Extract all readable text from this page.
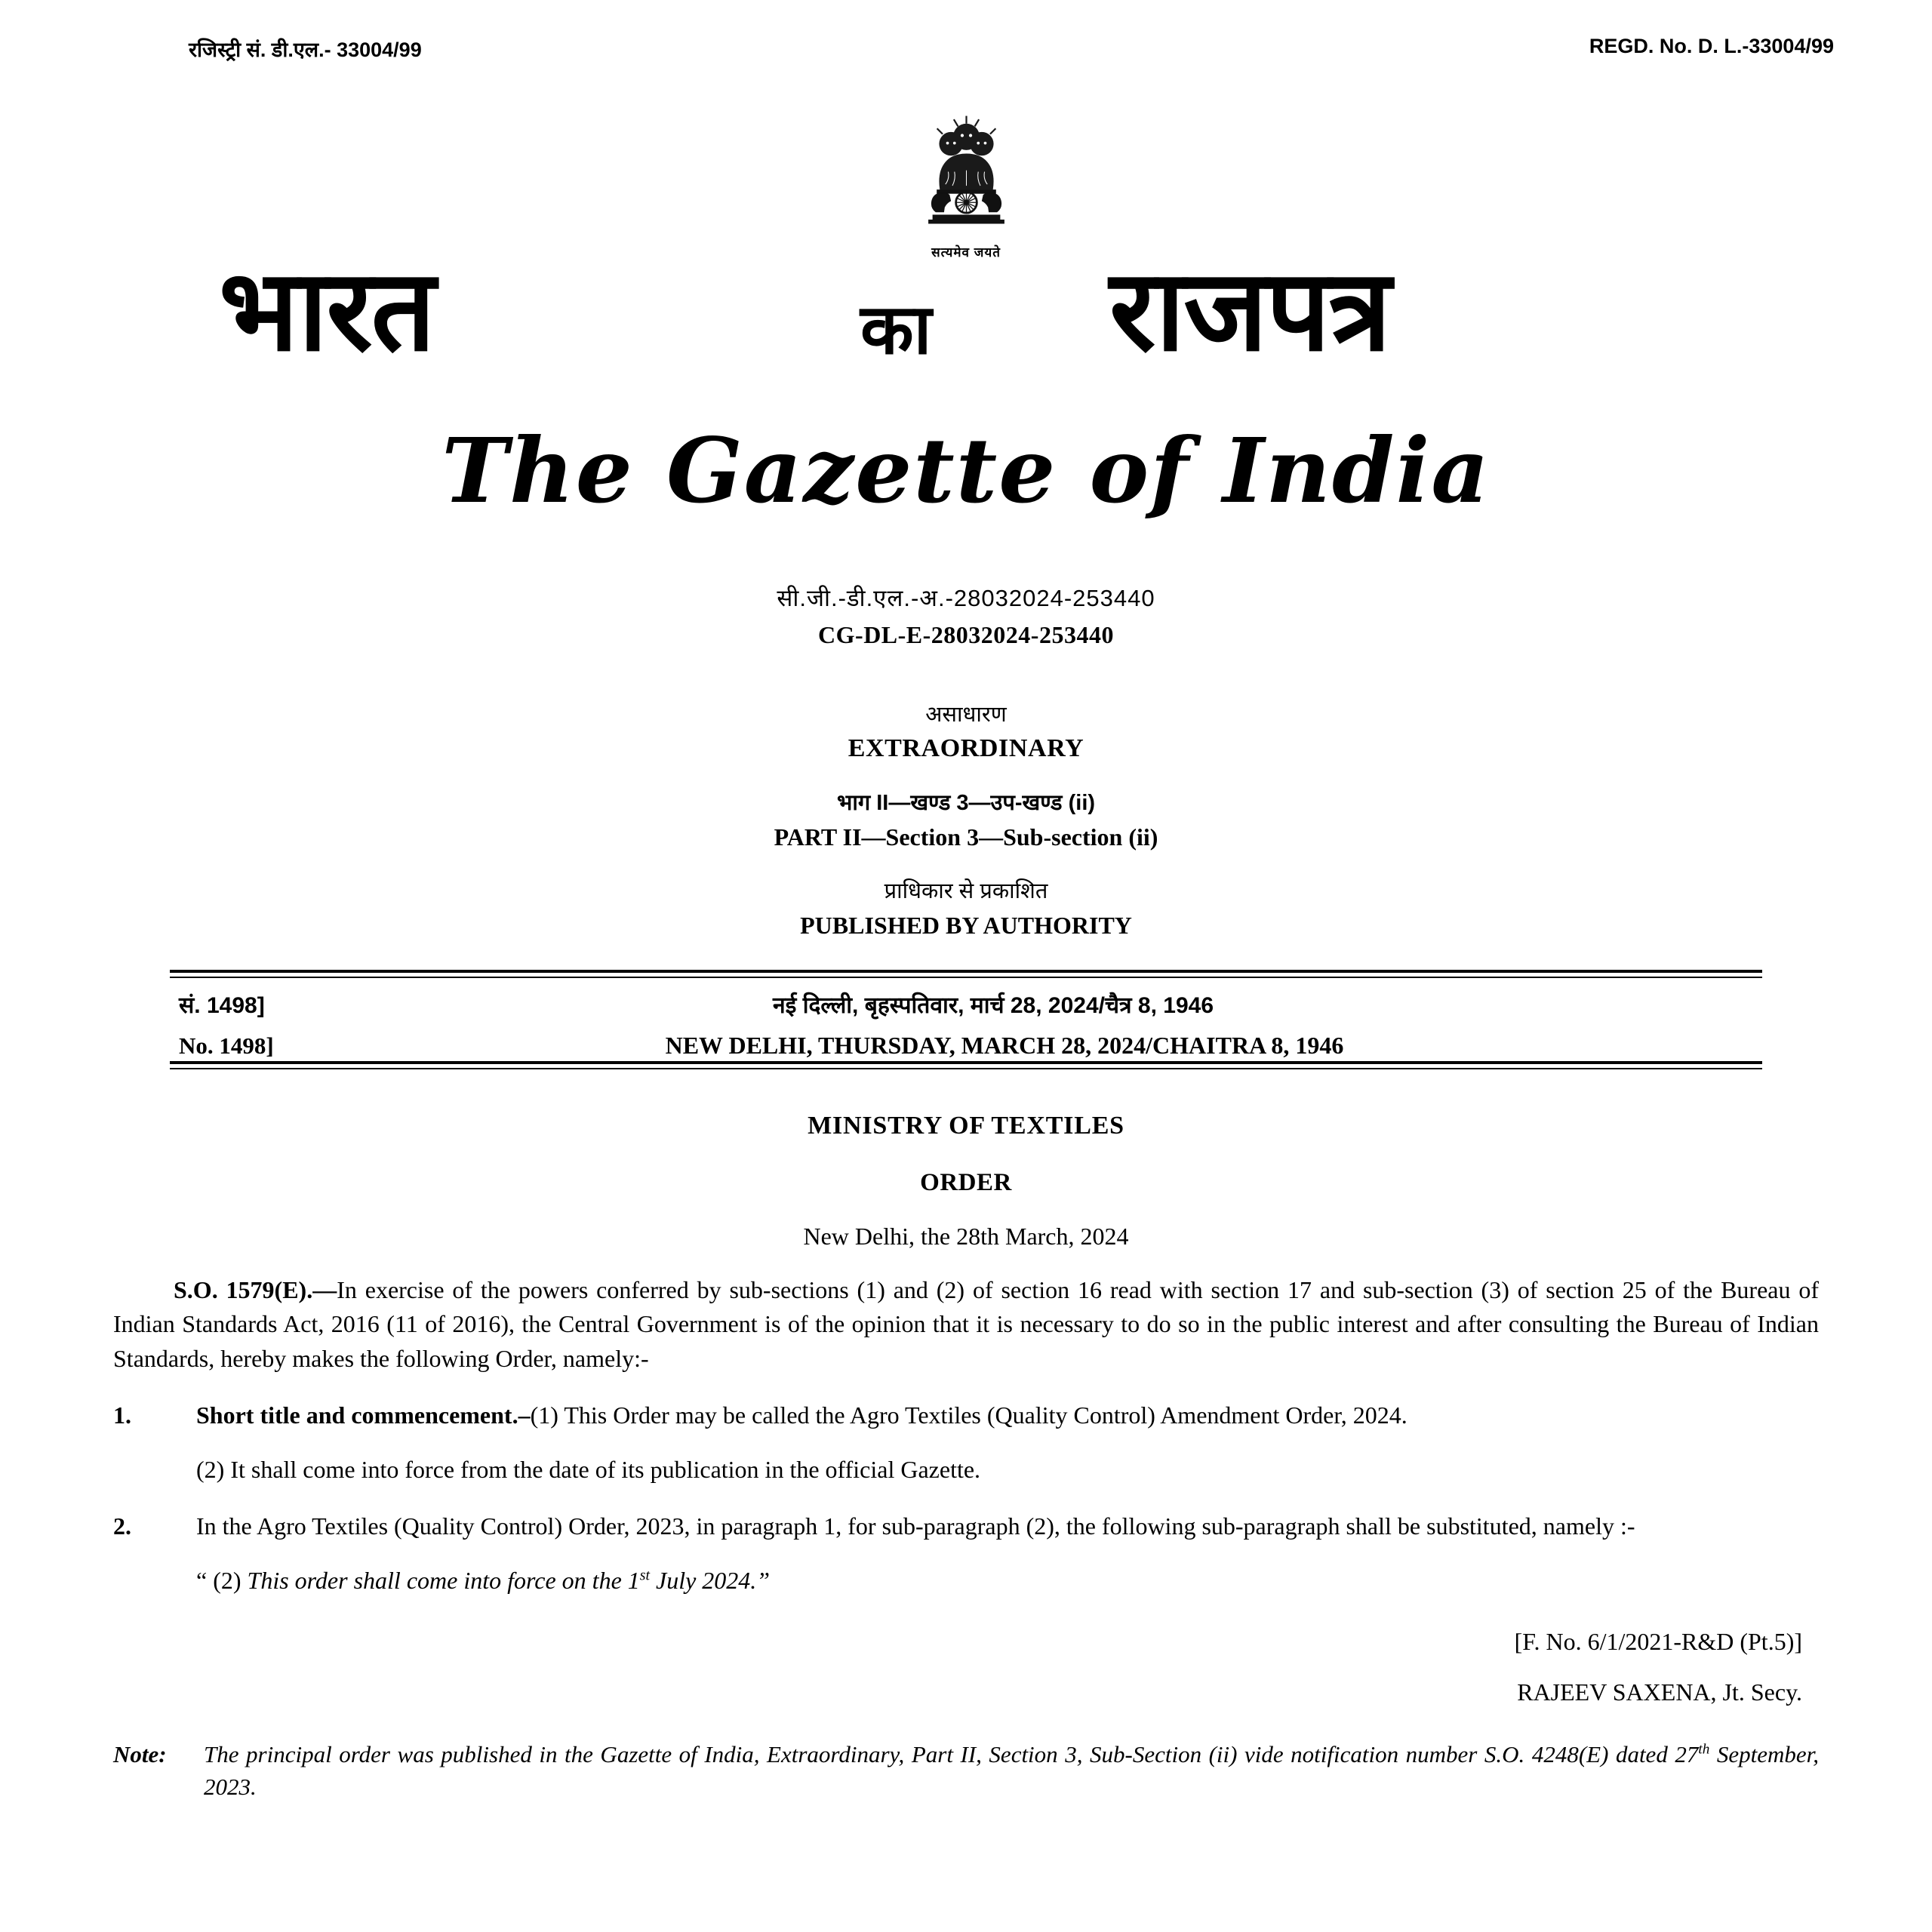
रजिस्ट्री सं. डी.एल.- 33004/99	REGD. No. D. L.-33004/99
सत्यमेव जयते
भारत	का राजपत्र
The Gazette of India
सी.जी.-डी.एल.-अ.-28032024-253440
CG-DL-E-28032024-253440
असाधारण
EXTRAORDINARY
भाग II—खण्ड 3—उप-खण्ड (ii)
PART II—Section 3—Sub-section (ii)
प्राधिकार से प्रकाशित
PUBLISHED BY AUTHORITY
सं. 1498]	नई दिल्ली, बृहस्पतिवार, मार्च 28, 2024/चैत्र 8, 1946
No. 1498]	NEW DELHI, THURSDAY, MARCH 28, 2024/CHAITRA 8, 1946
MINISTRY OF TEXTILES
ORDER
New Delhi, the 28th March, 2024
S.O. 1579(E).—In exercise of the powers conferred by sub-sections (1) and (2) of section 16 read with section 17 and sub-section (3) of section 25 of the Bureau of Indian Standards Act, 2016 (11 of 2016), the Central Government is of the opinion that it is necessary to do so in the public interest and after consulting the Bureau of Indian Standards, hereby makes the following Order, namely:-
1.	Short title and commencement.–(1) This Order may be called the Agro Textiles (Quality Control) Amendment Order, 2024.
(2) It shall come into force from the date of its publication in the official Gazette.
2.	In the Agro Textiles (Quality Control) Order, 2023, in paragraph 1, for sub-paragraph (2), the following sub-paragraph shall be substituted, namely :-
“ (2) This order shall come into force on the 1st July 2024.”
[F. No. 6/1/2021-R&D (Pt.5)]
RAJEEV SAXENA, Jt. Secy.
Note:	The principal order was published in the Gazette of India, Extraordinary, Part II, Section 3, Sub-Section (ii) vide notification number S.O. 4248(E) dated 27th September, 2023.
